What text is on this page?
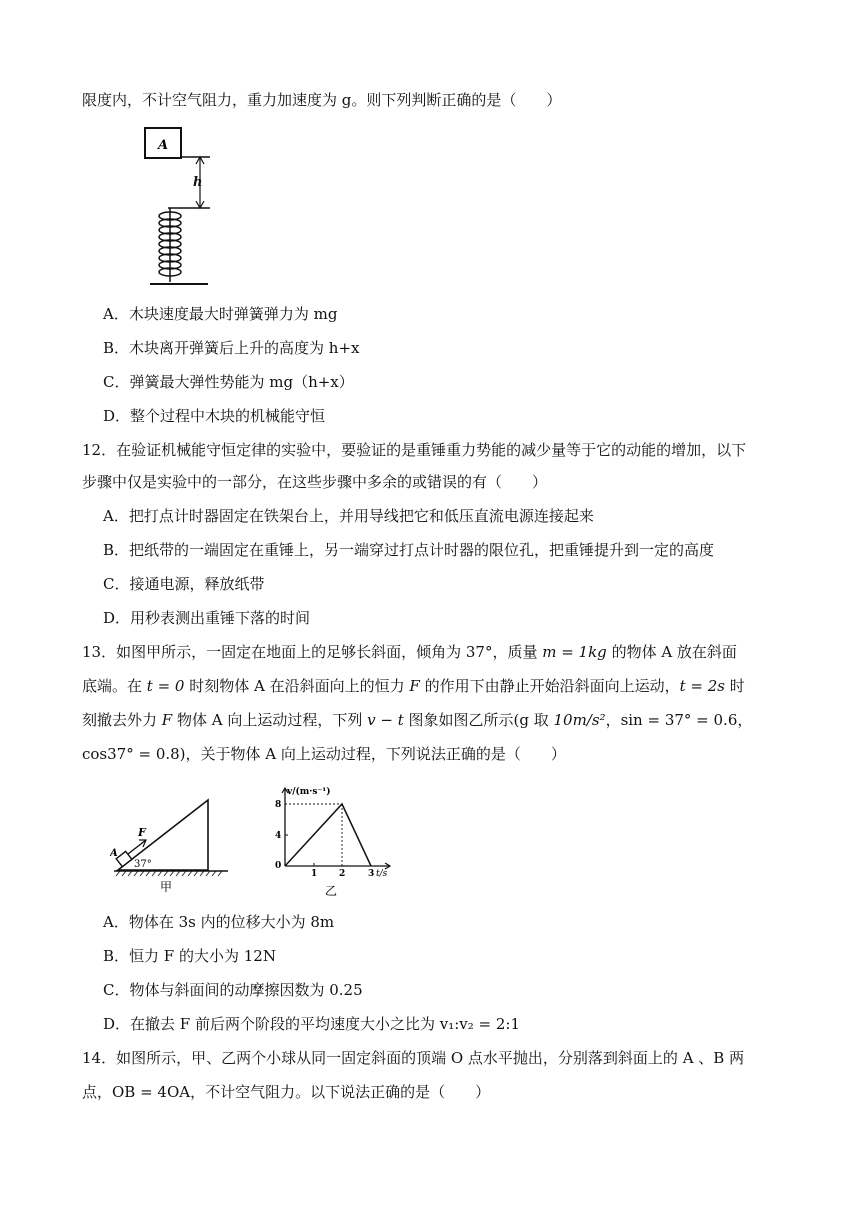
限度内，不计空气阻力，重力加速度为 g。则下列判断正确的是（　　）
A
h
A．木块速度最大时弹簧弹力为 mg
B．木块离开弹簧后上升的高度为 h+x
C．弹簧最大弹性势能为 mg（h+x）
D．整个过程中木块的机械能守恒
12．在验证机械能守恒定律的实验中，要验证的是重锤重力势能的减少量等于它的动能的增加，以下
步骤中仅是实验中的一部分，在这些步骤中多余的或错误的有（　　）
A．把打点计时器固定在铁架台上，并用导线把它和低压直流电源连接起来
B．把纸带的一端固定在重锤上，另一端穿过打点计时器的限位孔，把重锤提升到一定的高度
C．接通电源，释放纸带
D．用秒表测出重锤下落的时间
13．如图甲所示，一固定在地面上的足够长斜面，倾角为 37°，质量 m = 1kg 的物体 A 放在斜面
底端。在 t = 0 时刻物体 A 在沿斜面向上的恒力 F 的作用下由静止开始沿斜面向上运动，t = 2s 时
刻撤去外力 F 物体 A 向上运动过程，下列 v − t 图象如图乙所示(g 取 10m/s²，sin = 37° = 0.6，
cos37° = 0.8)，关于物体 A 向上运动过程，下列说法正确的是（　　）
F
A
37°
甲
v/(m·s⁻¹)
t/s
8
4
0
1 2	3
乙
A．物体在 3s 内的位移大小为 8m
B．恒力 F 的大小为 12N
C．物体与斜面间的动摩擦因数为 0.25
D．在撤去 F 前后两个阶段的平均速度大小之比为 v₁:v₂ = 2:1
14．如图所示，甲、乙两个小球从同一固定斜面的顶端 O 点水平抛出，分别落到斜面上的 A 、B 两
点，OB = 4OA，不计空气阻力。以下说法正确的是（　　）
